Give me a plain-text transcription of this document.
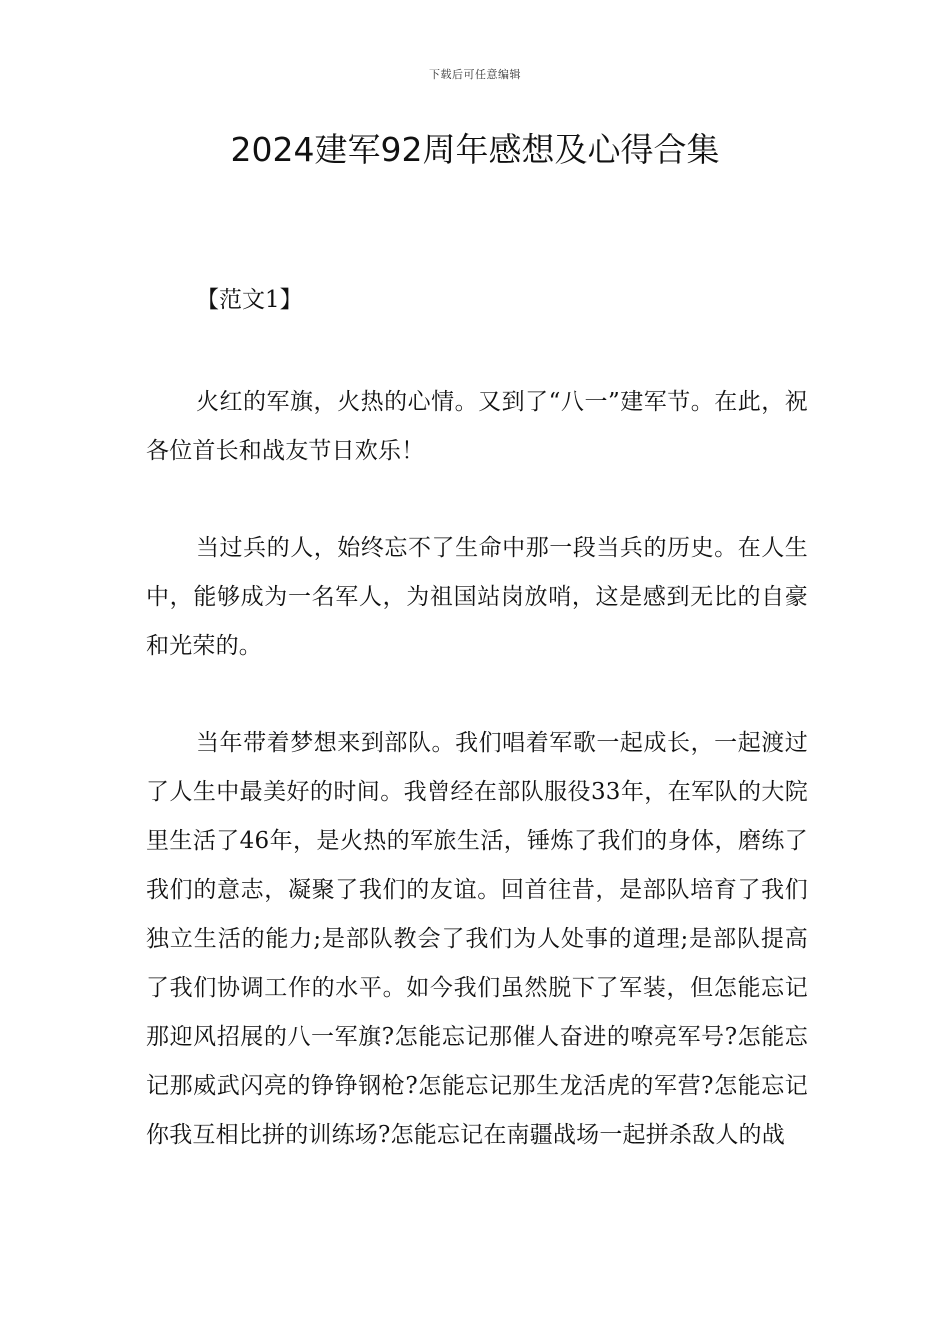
下载后可任意编辑
2024建军92周年感想及心得合集

【范文1】

火红的军旗，火热的心情。又到了“八一”建军节。在此，祝各位首长和战友节日欢乐！

当过兵的人，始终忘不了生命中那一段当兵的历史。在人生中，能够成为一名军人，为祖国站岗放哨，这是感到无比的自豪和光荣的。

当年带着梦想来到部队。我们唱着军歌一起成长，一起渡过了人生中最美好的时间。我曾经在部队服役33年，在军队的大院里生活了46年，是火热的军旅生活，锤炼了我们的身体，磨练了我们的意志，凝聚了我们的友谊。回首往昔，是部队培育了我们独立生活的能力;是部队教会了我们为人处事的道理;是部队提高了我们协调工作的水平。如今我们虽然脱下了军装，但怎能忘记那迎风招展的八一军旗?怎能忘记那催人奋进的嘹亮军号?怎能忘记那威武闪亮的铮铮钢枪?怎能忘记那生龙活虎的军营?怎能忘记你我互相比拼的训练场?怎能忘记在南疆战场一起拼杀敌人的战
